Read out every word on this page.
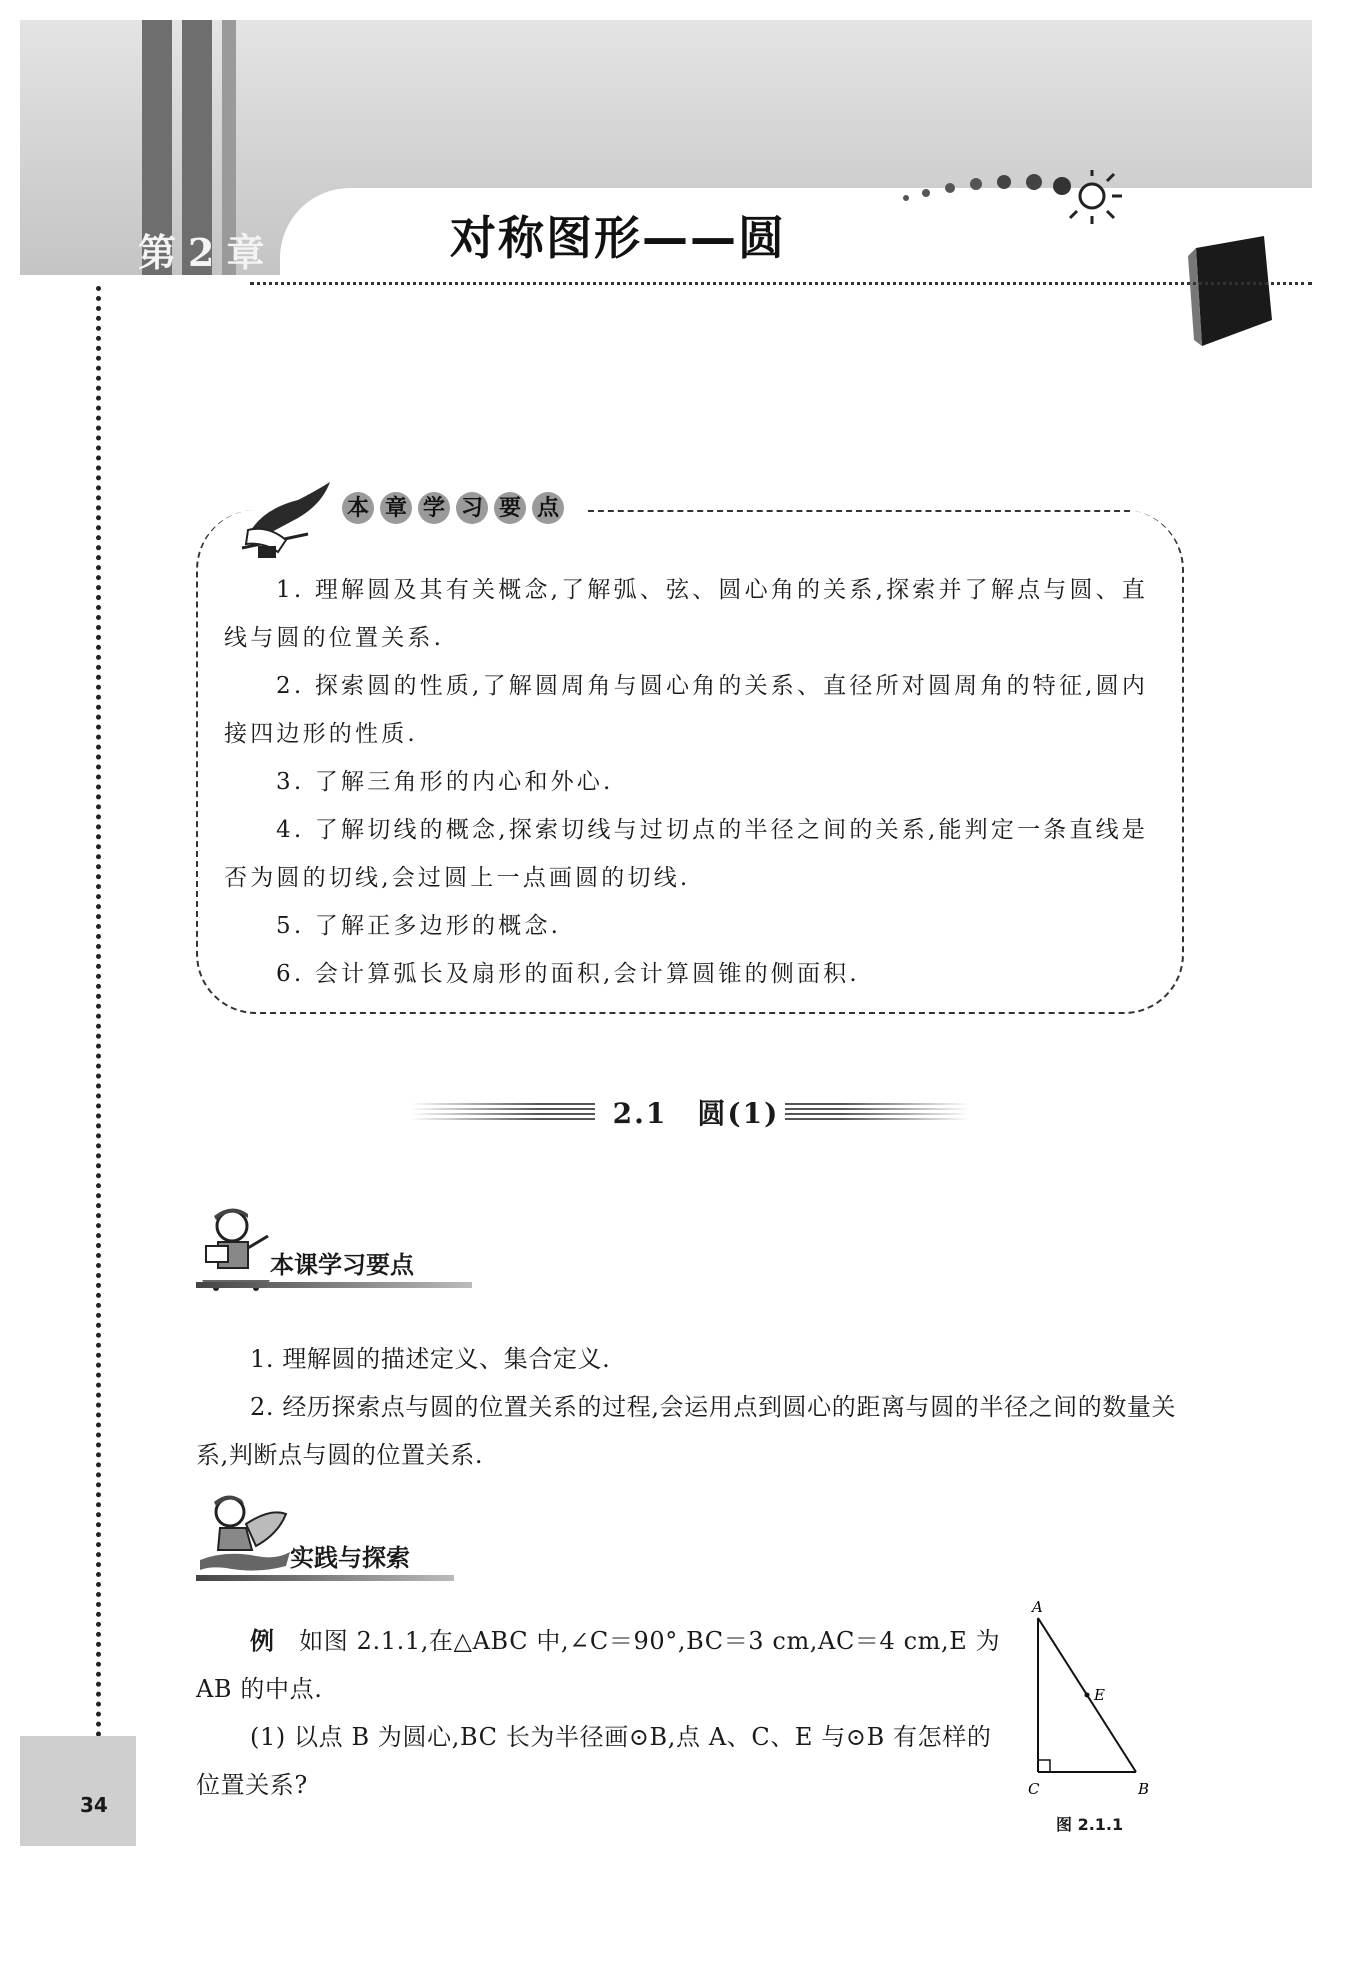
第2章	对称图形——圆
本 章 学 习 要 点

1. 理解圆及其有关概念,了解弧、弦、圆心角的关系,探索并了解点与圆、直线与圆的位置关系.

2. 探索圆的性质,了解圆周角与圆心角的关系、直径所对圆周角的特征,圆内接四边形的性质.

3. 了解三角形的内心和外心.

4. 了解切线的概念,探索切线与过切点的半径之间的关系,能判定一条直线是否为圆的切线,会过圆上一点画圆的切线.

5. 了解正多边形的概念.

6. 会计算弧长及扇形的面积,会计算圆锥的侧面积.

2.1　圆(1)
本课学习要点

1. 理解圆的描述定义、集合定义.

2. 经历探索点与圆的位置关系的过程,会运用点到圆心的距离与圆的半径之间的数量关系,判断点与圆的位置关系.

实践与探索

例　如图 2.1.1,在△ABC 中,∠C＝90°,BC＝3 cm,AC＝4 cm,E 为 AB 的中点.

(1) 以点 B 为圆心,BC 长为半径画⊙B,点 A、C、E 与⊙B 有怎样的位置关系?

A
E
C	B
图 2.1.1
34
